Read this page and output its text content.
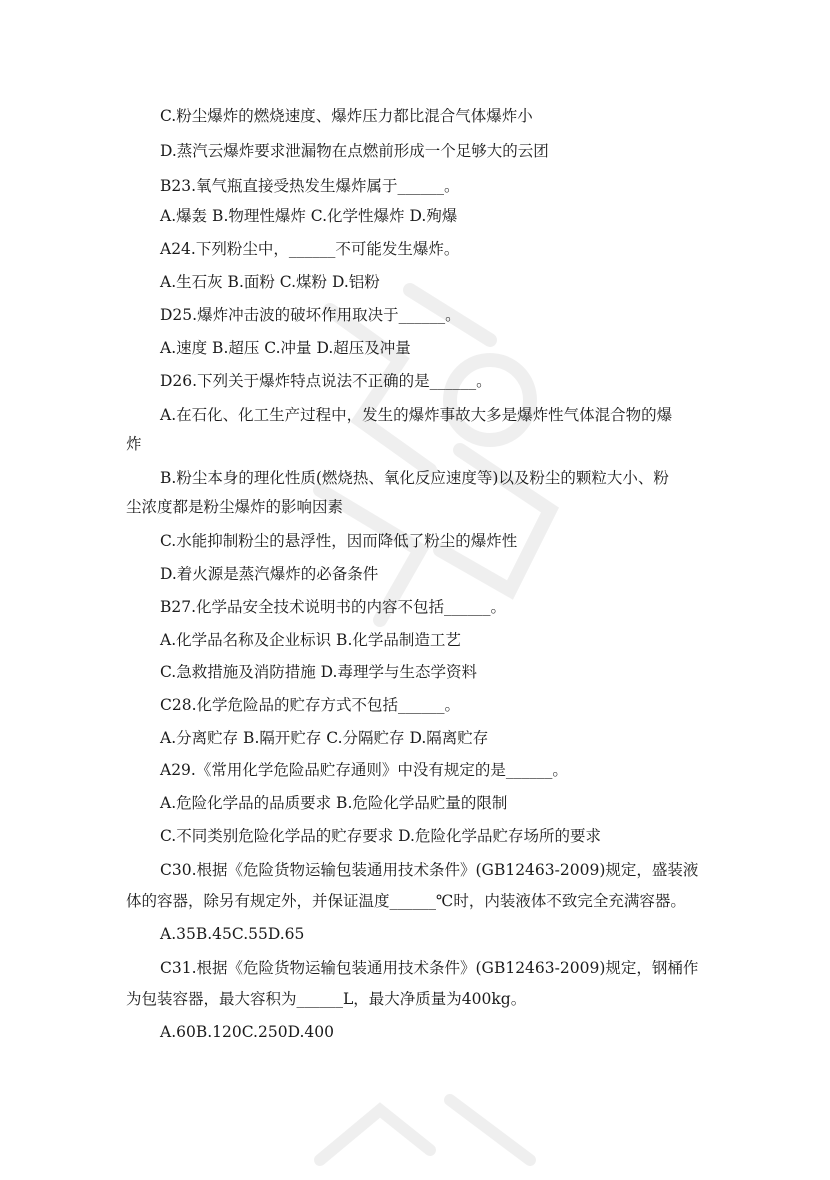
C.粉尘爆炸的燃烧速度、爆炸压力都比混合气体爆炸小
D.蒸汽云爆炸要求泄漏物在点燃前形成一个足够大的云团
B23.氧气瓶直接受热发生爆炸属于______。
A.爆轰 B.物理性爆炸 C.化学性爆炸 D.殉爆
A24.下列粉尘中，______不可能发生爆炸。
A.生石灰 B.面粉 C.煤粉 D.铝粉
D25.爆炸冲击波的破坏作用取决于______。
A.速度 B.超压 C.冲量 D.超压及冲量
D26.下列关于爆炸特点说法不正确的是______。
A.在石化、化工生产过程中，发生的爆炸事故大多是爆炸性气体混合物的爆
炸
B.粉尘本身的理化性质(燃烧热、氧化反应速度等)以及粉尘的颗粒大小、粉
尘浓度都是粉尘爆炸的影响因素
C.水能抑制粉尘的悬浮性，因而降低了粉尘的爆炸性
D.着火源是蒸汽爆炸的必备条件
B27.化学品安全技术说明书的内容不包括______。
A.化学品名称及企业标识 B.化学品制造工艺
C.急救措施及消防措施 D.毒理学与生态学资料
C28.化学危险品的贮存方式不包括______。
A.分离贮存 B.隔开贮存 C.分隔贮存 D.隔离贮存
A29.《常用化学危险品贮存通则》中没有规定的是______。
A.危险化学品的品质要求 B.危险化学品贮量的限制
C.不同类别危险化学品的贮存要求 D.危险化学品贮存场所的要求
C30.根据《危险货物运输包装通用技术条件》(GB12463-2009)规定，盛装液
体的容器，除另有规定外，并保证温度______℃时，内装液体不致完全充满容器。
A.35B.45C.55D.65
C31.根据《危险货物运输包装通用技术条件》(GB12463-2009)规定，钢桶作
为包装容器，最大容积为______L，最大净质量为400kg。
A.60B.120C.250D.400
